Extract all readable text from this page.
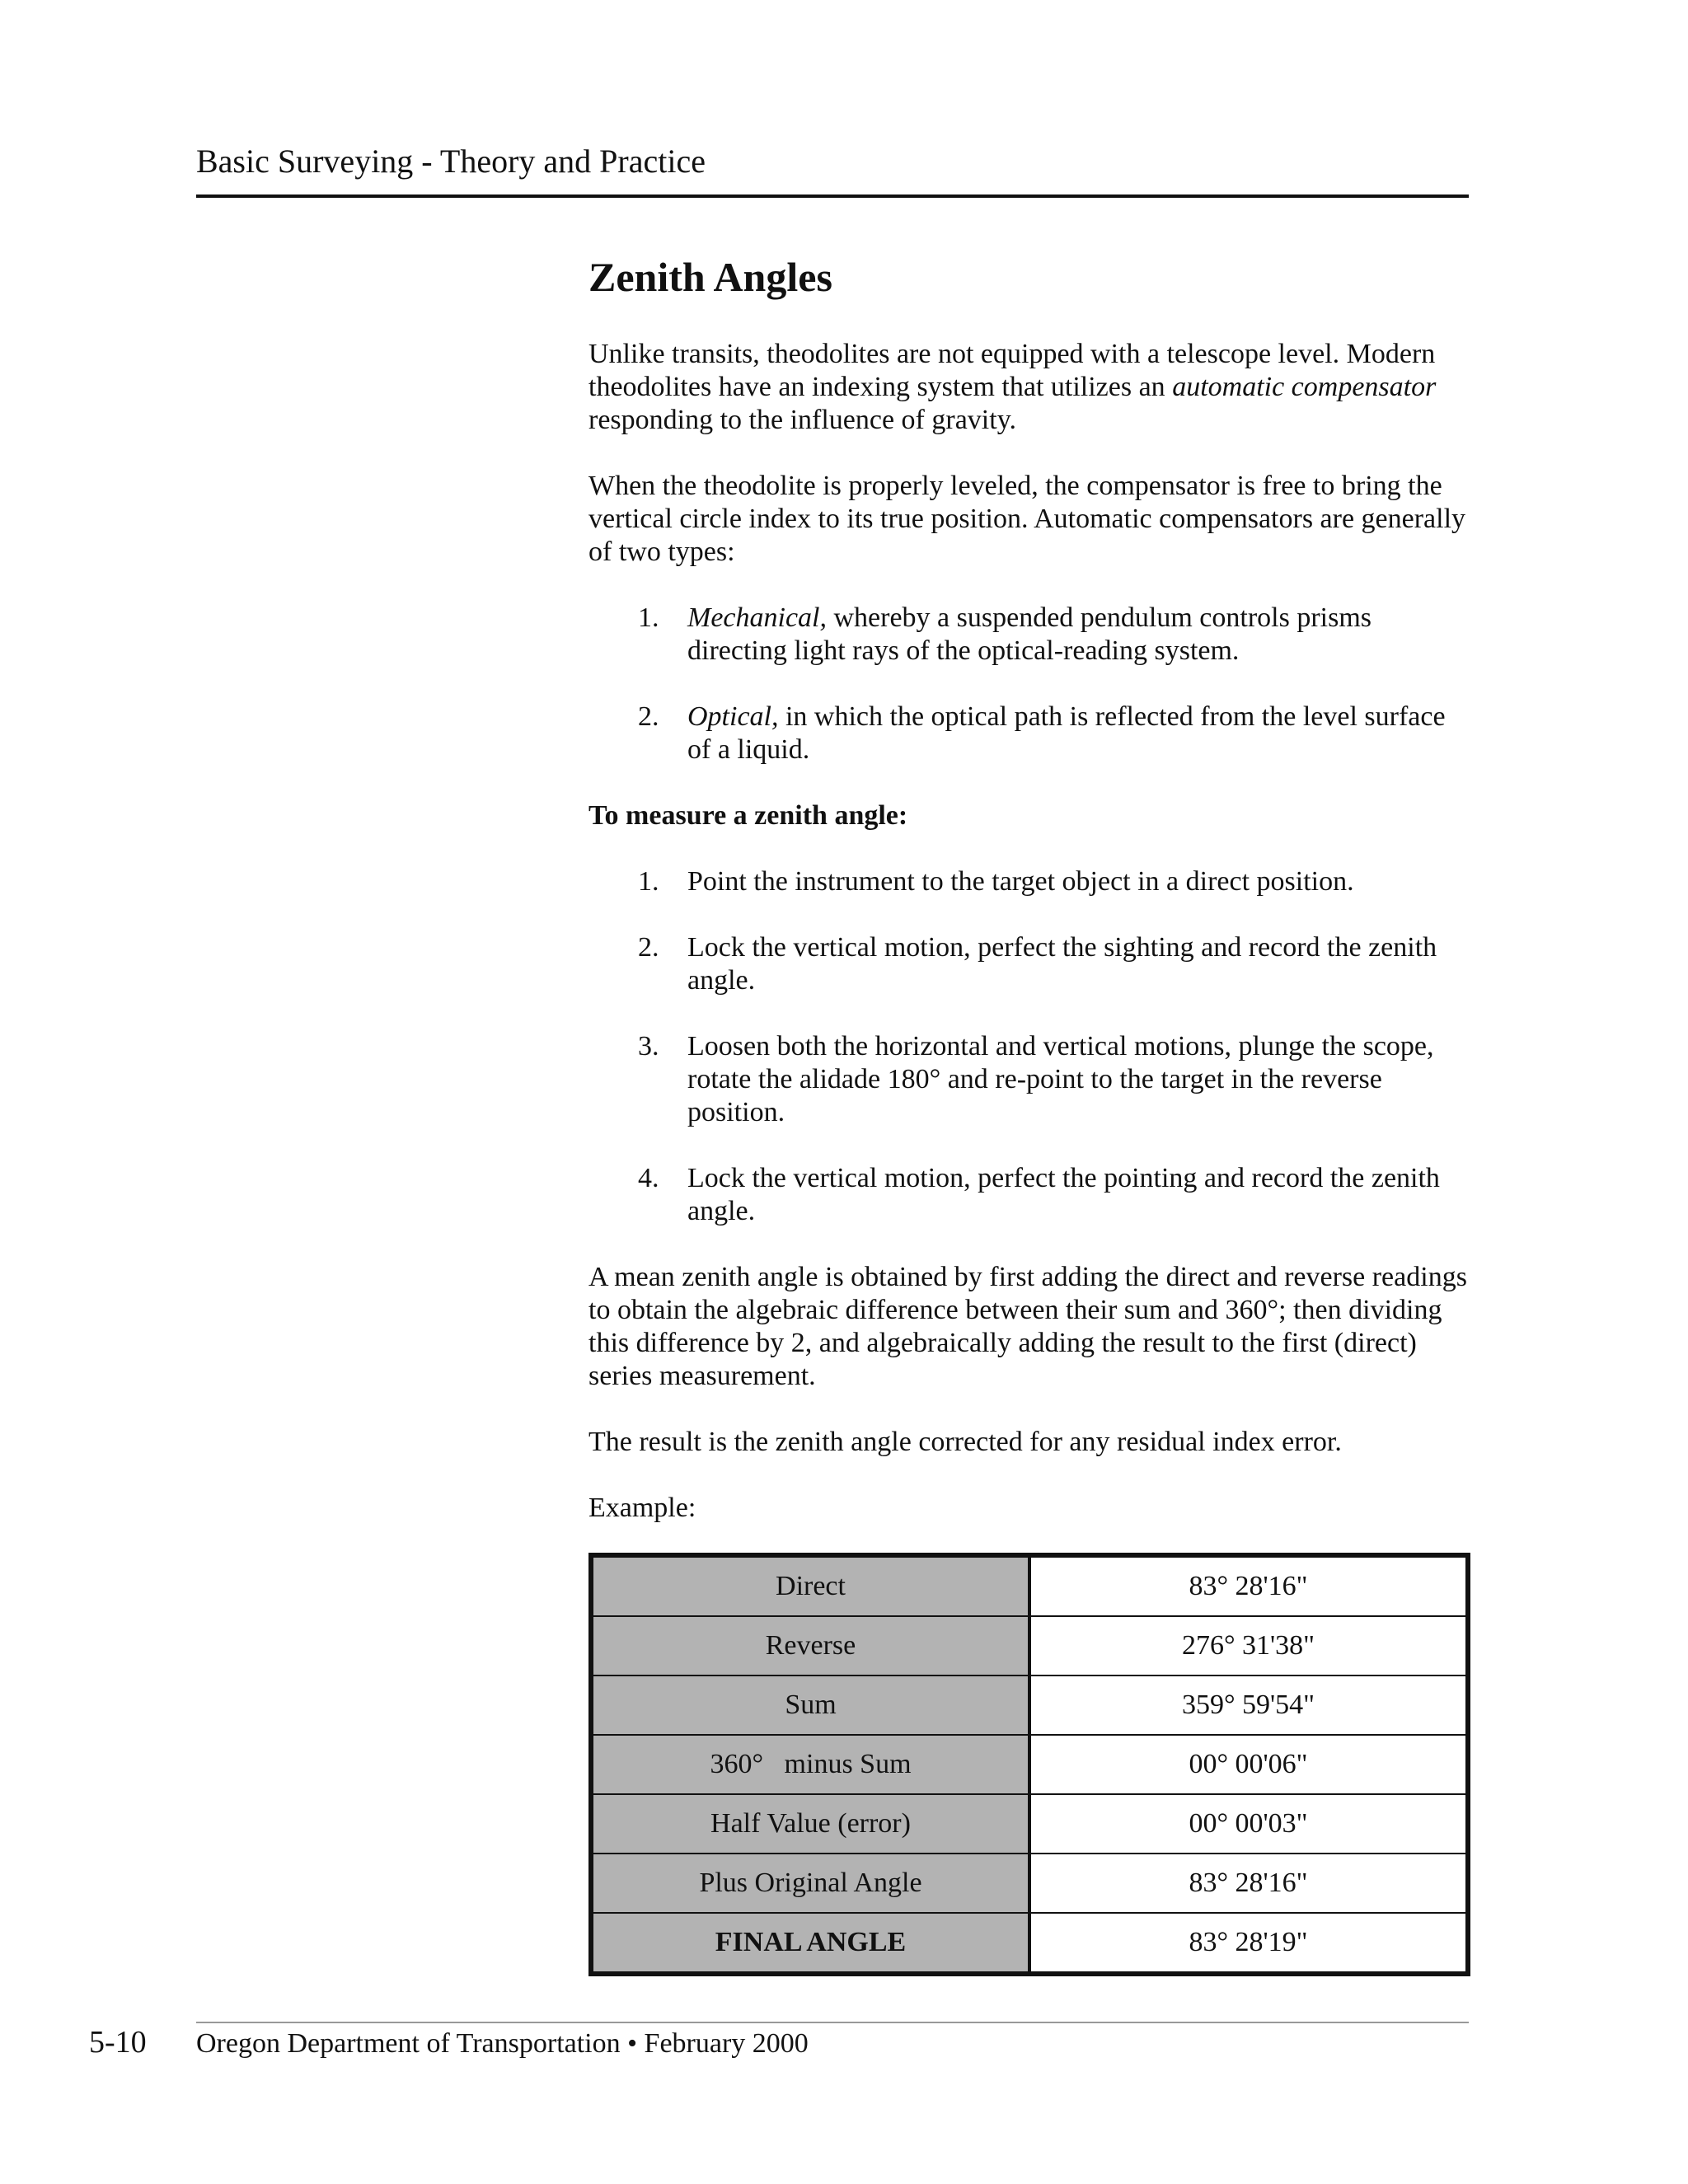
Basic Surveying - Theory and Practice
Zenith Angles

Unlike transits, theodolites are not equipped with a telescope level. Modern theodolites have an indexing system that utilizes an automatic compensator responding to the influence of gravity.

When the theodolite is properly leveled, the compensator is free to bring the vertical circle index to its true position. Automatic compensators are generally of two types:

1.	Mechanical, whereby a suspended pendulum controls prisms directing light rays of the optical-reading system.
2.	Optical, in which the optical path is reflected from the level surface of a liquid.

To measure a zenith angle:

1.	Point the instrument to the target object in a direct position.
2.	Lock the vertical motion, perfect the sighting and record the zenith angle.
3.	Loosen both the horizontal and vertical motions, plunge the scope, rotate the alidade 180° and re-point to the target in the reverse position.
4.	Lock the vertical motion, perfect the pointing and record the zenith angle.

A mean zenith angle is obtained by first adding the direct and reverse readings to obtain the algebraic difference between their sum and 360°; then dividing this difference by 2, and algebraically adding the result to the first (direct) series measurement.

The result is the zenith angle corrected for any residual index error.

Example:

Direct	83° 28'16"
Reverse	276° 31'38"
Sum	359° 59'54"
360°   minus Sum	00° 00'06"
Half Value (error)	00° 00'03"
Plus Original Angle	83° 28'16"
FINAL ANGLE	83° 28'19"
5-10 Oregon Department of Transportation • February 2000
